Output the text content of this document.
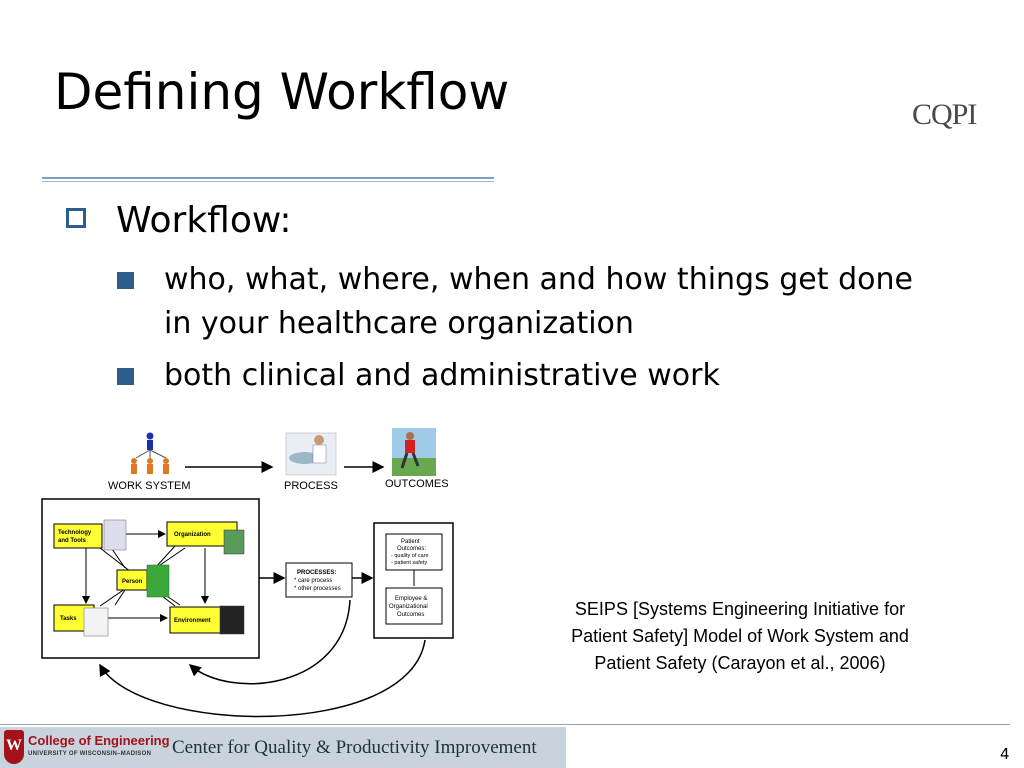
Defining Workflow	CQPI
Workflow:
who, what, where, when and how things get done in your healthcare organization
both clinical and administrative work
WORK SYSTEM	PROCESS	OUTCOMES
Technology
and Tools
Organization
Person
Tasks	Environment
PROCESSES:
* care process
* other processes
Patient
Outcomes:
- quality of care
- patient safety
Employee &
Organizational
Outcomes	SEIPS [Systems Engineering Initiative for Patient Safety] Model of Work System and Patient Safety (Carayon et al., 2006)
W College of Engineering
UNIVERSITY OF WISCONSIN–MADISON Center for Quality & Productivity Improvement	4
